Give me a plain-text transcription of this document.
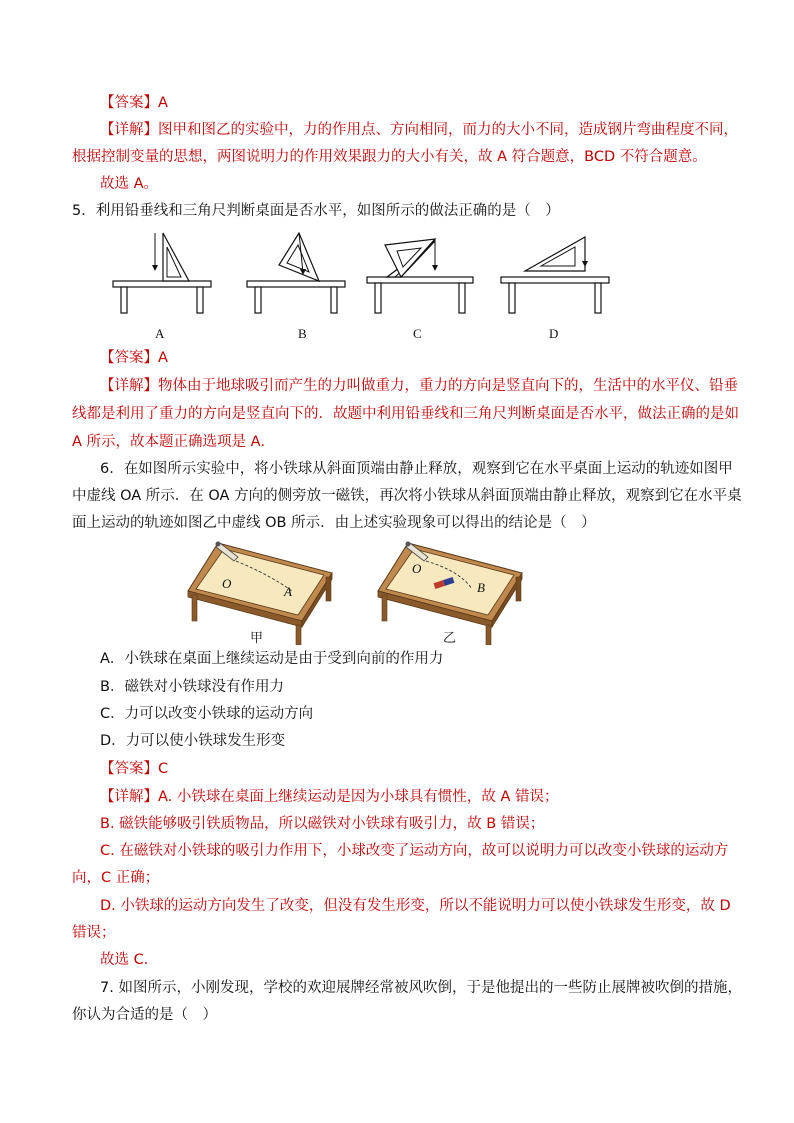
【答案】A
【详解】图甲和图乙的实验中，力的作用点、方向相同，而力的大小不同，造成钢片弯曲程度不同，
根据控制变量的思想，两图说明力的作用效果跟力的大小有关，故 A 符合题意，BCD 不符合题意。
故选 A。
5．利用铅垂线和三角尺判断桌面是否水平，如图所示的做法正确的是（　）
A	B	C	D
【答案】A
【详解】物体由于地球吸引而产生的力叫做重力，重力的方向是竖直向下的，生活中的水平仪、铅垂
线都是利用了重力的方向是竖直向下的．故题中利用铅垂线和三角尺判断桌面是否水平，做法正确的是如
A 所示，故本题正确选项是 A．
6．在如图所示实验中，将小铁球从斜面顶端由静止释放，观察到它在水平桌面上运动的轨迹如图甲
中虚线 OA 所示．在 OA 方向的侧旁放一磁铁，再次将小铁球从斜面顶端由静止释放，观察到它在水平桌
面上运动的轨迹如图乙中虚线 OB 所示．由上述实验现象可以得出的结论是（　）
O
A
O
B
甲	乙
A．小铁球在桌面上继续运动是由于受到向前的作用力
B．磁铁对小铁球没有作用力
C．力可以改变小铁球的运动方向
D．力可以使小铁球发生形变
【答案】C
【详解】A. 小铁球在桌面上继续运动是因为小球具有惯性，故 A 错误；
B. 磁铁能够吸引铁质物品，所以磁铁对小铁球有吸引力，故 B 错误；
C. 在磁铁对小铁球的吸引力作用下，小球改变了运动方向，故可以说明力可以改变小铁球的运动方
向，C 正确；
D. 小铁球的运动方向发生了改变，但没有发生形变，所以不能说明力可以使小铁球发生形变，故 D
错误；
故选 C．
7. 如图所示，小刚发现，学校的欢迎展牌经常被风吹倒，于是他提出的一些防止展牌被吹倒的措施，
你认为合适的是（　）
